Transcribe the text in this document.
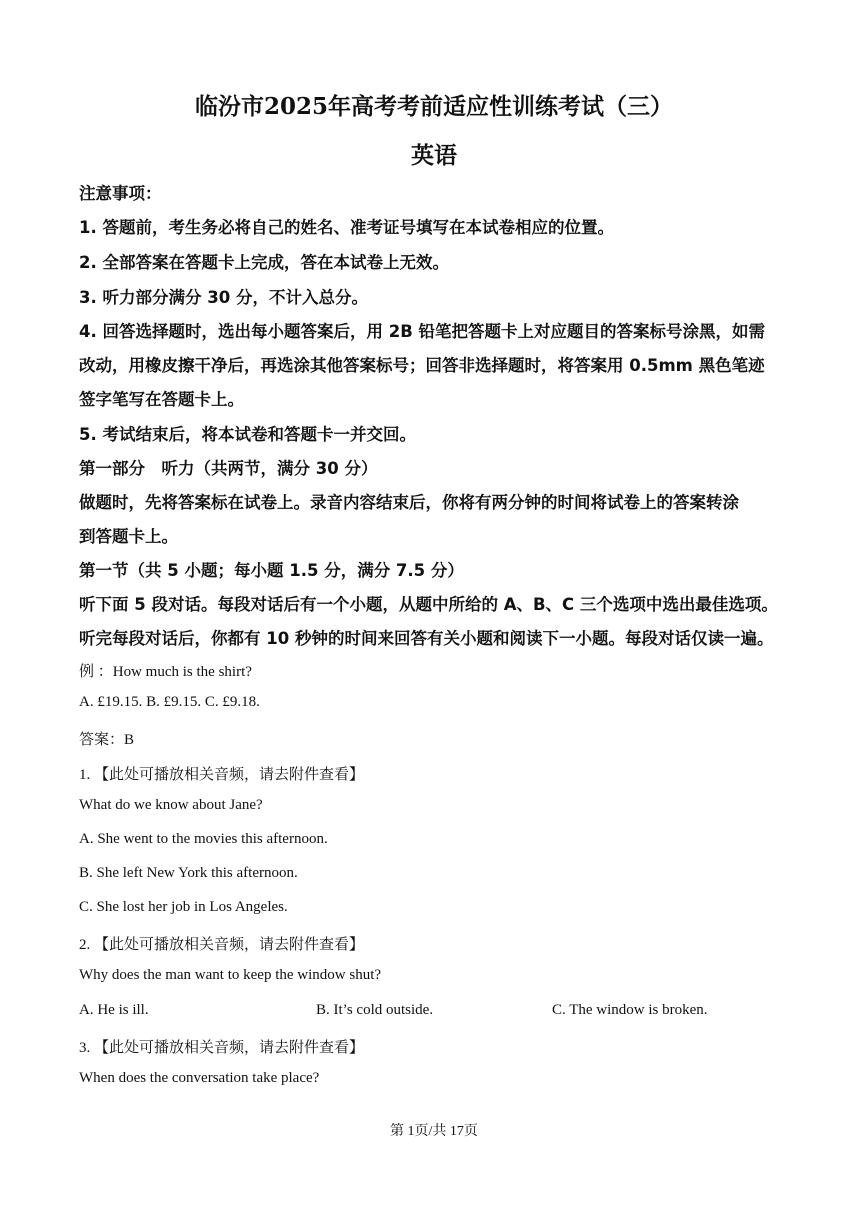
临汾市2025年高考考前适应性训练考试（三）
英语
注意事项：
1. 答题前，考生务必将自己的姓名、准考证号填写在本试卷相应的位置。
2. 全部答案在答题卡上完成，答在本试卷上无效。
3. 听力部分满分 30 分，不计入总分。
4. 回答选择题时，选出每小题答案后，用 2B 铅笔把答题卡上对应题目的答案标号涂黑，如需
改动，用橡皮擦干净后，再选涂其他答案标号；回答非选择题时，将答案用 0.5mm 黑色笔迹
签字笔写在答题卡上。
5. 考试结束后，将本试卷和答题卡一并交回。
第一部分　听力（共两节，满分 30 分）
做题时，先将答案标在试卷上。录音内容结束后，你将有两分钟的时间将试卷上的答案转涂
到答题卡上。
第一节（共 5 小题；每小题 1.5 分，满分 7.5 分）
听下面 5 段对话。每段对话后有一个小题，从题中所给的 A、B、C 三个选项中选出最佳选项。
听完每段对话后，你都有 10 秒钟的时间来回答有关小题和阅读下一小题。每段对话仅读一遍。
例 ：How much is the shirt?
A. £19.15. B. £9.15. C. £9.18.
答案：B
1. 【此处可播放相关音频，请去附件查看】
What do we know about Jane?
A. She went to the movies this afternoon.
B. She left New York this afternoon.
C. She lost her job in Los Angeles.
2. 【此处可播放相关音频，请去附件查看】
Why does the man want to keep the window shut?
A. He is ill.	B. It’s cold outside.	C. The window is broken.
3. 【此处可播放相关音频，请去附件查看】
When does the conversation take place?
第 1页/共 17页
